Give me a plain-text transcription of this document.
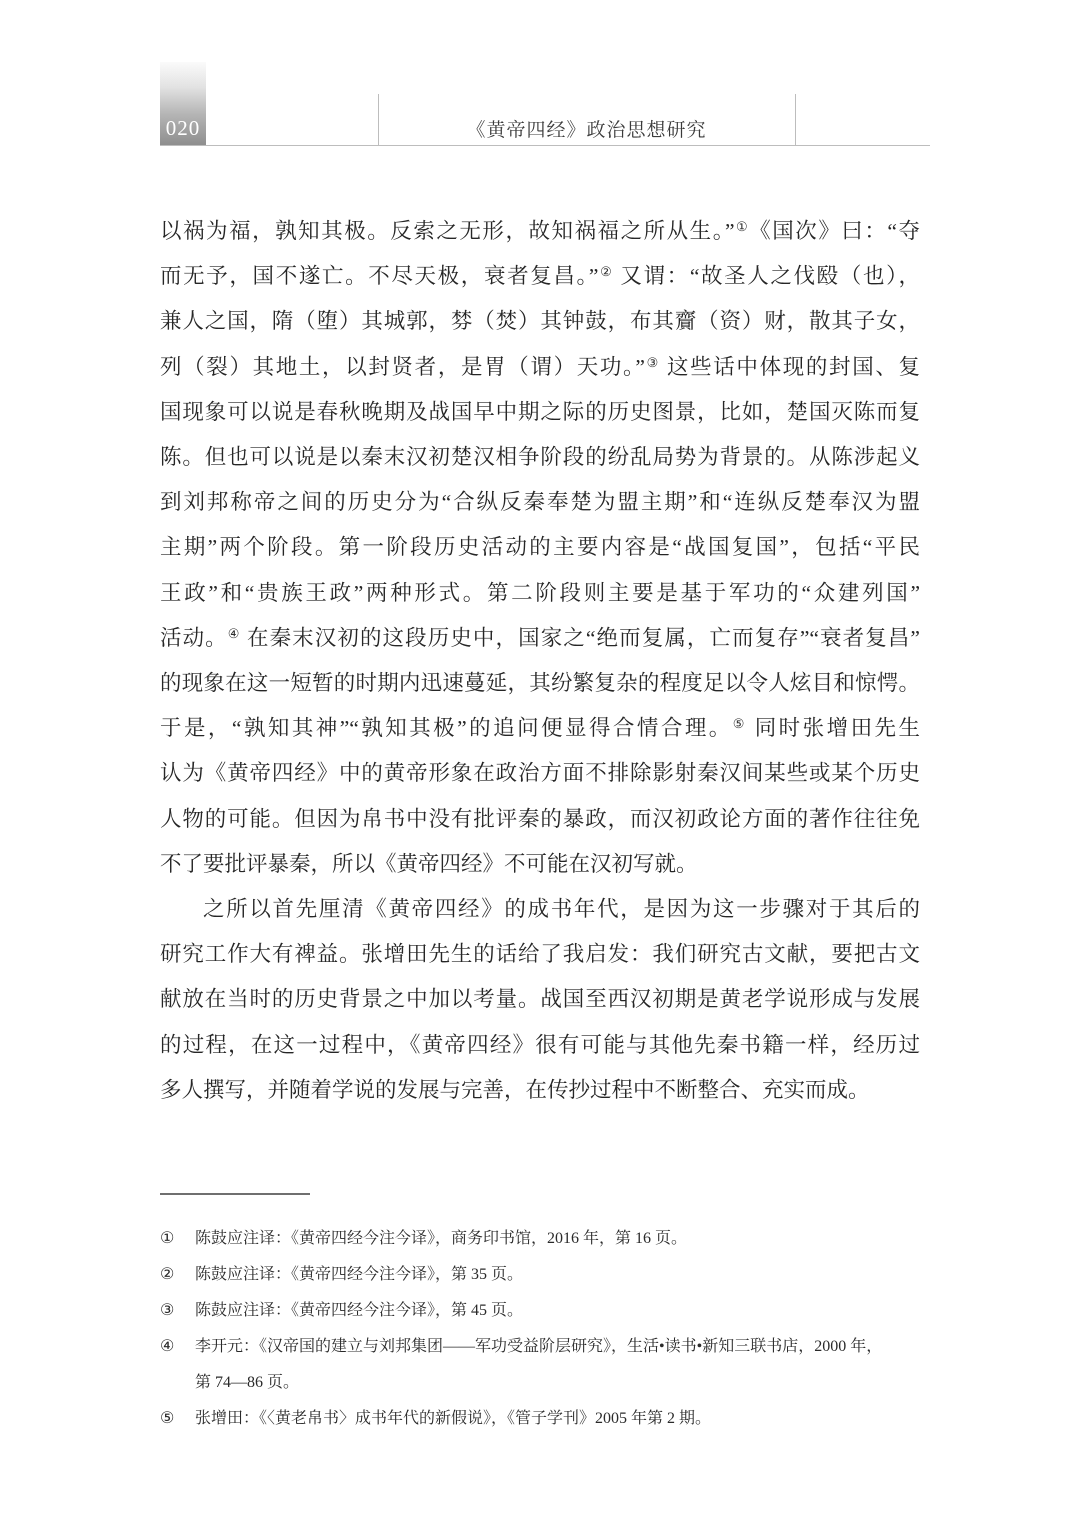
020	《黄帝四经》政治思想研究
以祸为福，孰知其极。反索之无形，故知祸福之所从生。”①《国次》曰：“夺
而无予，国不遂亡。不尽天极，衰者复昌。”② 又谓：“故圣人之伐殹（也），
兼人之国，隋（堕）其城郭，棼（焚）其钟鼓，布其齎（资）财，散其子女，
列（裂）其地土，以封贤者，是胃（谓）天功。”③ 这些话中体现的封国、复
国现象可以说是春秋晚期及战国早中期之际的历史图景，比如，楚国灭陈而复
陈。但也可以说是以秦末汉初楚汉相争阶段的纷乱局势为背景的。从陈涉起义
到刘邦称帝之间的历史分为“合纵反秦奉楚为盟主期”和“连纵反楚奉汉为盟
主期”两个阶段。第一阶段历史活动的主要内容是“战国复国”，包括“平民
王政”和“贵族王政”两种形式。第二阶段则主要是基于军功的“众建列国”
活动。④ 在秦末汉初的这段历史中，国家之“绝而复属，亡而复存”“衰者复昌”
的现象在这一短暂的时期内迅速蔓延，其纷繁复杂的程度足以令人炫目和惊愕。
于是，“孰知其神”“孰知其极”的追问便显得合情合理。⑤ 同时张增田先生
认为《黄帝四经》中的黄帝形象在政治方面不排除影射秦汉间某些或某个历史
人物的可能。但因为帛书中没有批评秦的暴政，而汉初政论方面的著作往往免
不了要批评暴秦，所以《黄帝四经》不可能在汉初写就。
之所以首先厘清《黄帝四经》的成书年代，是因为这一步骤对于其后的
研究工作大有禆益。张增田先生的话给了我启发：我们研究古文献，要把古文
献放在当时的历史背景之中加以考量。战国至西汉初期是黄老学说形成与发展
的过程，在这一过程中，《黄帝四经》很有可能与其他先秦书籍一样，经历过
多人撰写，并随着学说的发展与完善，在传抄过程中不断整合、充实而成。
①	陈鼓应注译：《黄帝四经今注今译》，商务印书馆，2016 年，第 16 页。
②	陈鼓应注译：《黄帝四经今注今译》，第 35 页。
③	陈鼓应注译：《黄帝四经今注今译》，第 45 页。
④	李开元：《汉帝国的建立与刘邦集团——军功受益阶层研究》，生活•读书•新知三联书店，2000 年，
第 74—86 页。
⑤	张增田：《〈黄老帛书〉成书年代的新假说》，《管子学刊》2005 年第 2 期。
